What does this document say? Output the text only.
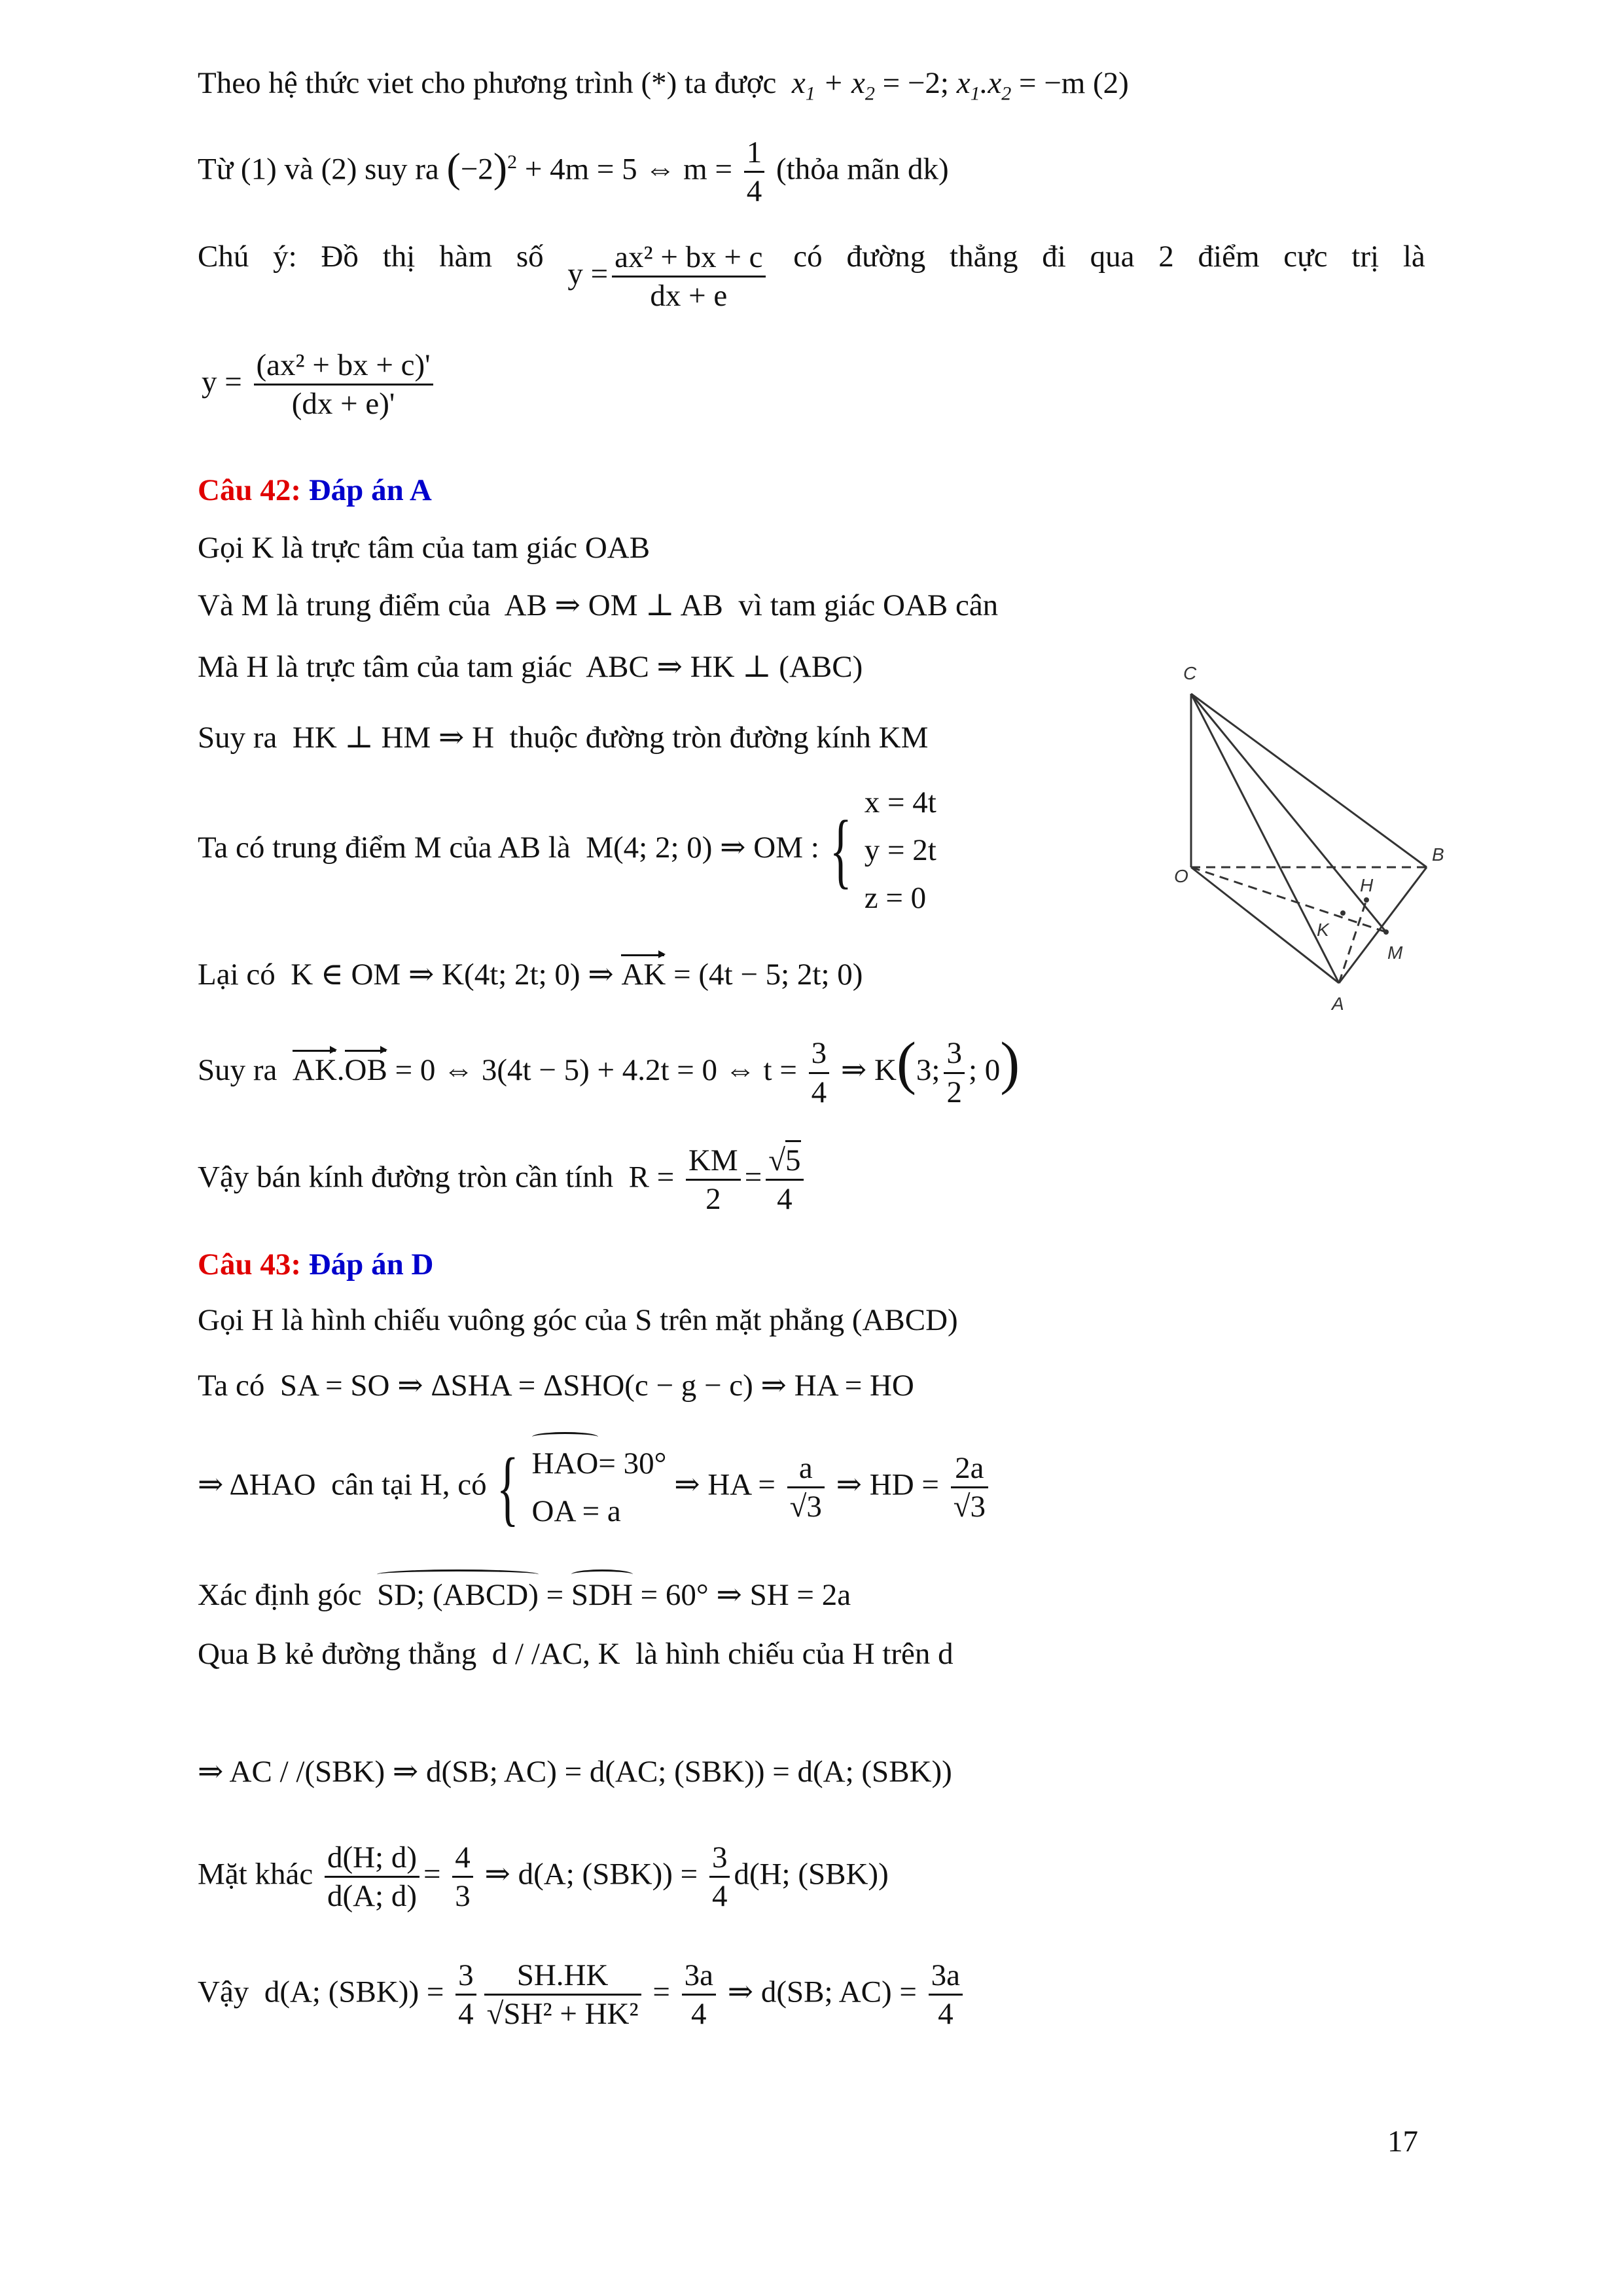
Theo hệ thức viet cho phương trình (*) ta được  $x_1 + x_2 = -2$; $x_1.x_2 = -m$ (2)
Từ (1) và (2) suy ra $(-2)^2 + 4m = 5$ ⇔ $m = \frac{1}{4}$ (thỏa mãn dk)
Chú ý: Đồ thị hàm số
$y = \frac{\text{ax² + bx + c}}{dx + e}$ có đường thẳng đi qua 2 điểm cực trị là
$y = \frac{\text{(ax² + bx + c)'}}{(dx + e)'}$
Câu 42: Đáp án A
Gọi K là trực tâm của tam giác OAB
Và M là trung điểm của AB ⇒ OM ⊥ AB vì tam giác OAB cân
Mà H là trực tâm của tam giác ABC ⇒ HK ⊥ (ABC)
Suy ra HK ⊥ HM ⇒ H thuộc đường tròn đường kính KM
Ta có trung điểm M của AB là M(4; 2; 0) ⇒ OM : {
x = 4t
y = 2t
z = 0
Lại có K ∈ OM ⇒ K(4t; 2t; 0) ⇒ AK = (4t − 5; 2t; 0)
Suy ra AK.OB = 0 ⇔ 3(4t − 5) + 4.2t = 0 ⇔ $t = \frac{3}{4}$ ⇒ K(3; $\frac{3}{2}$ ; 0)
Vậy bán kính đường tròn cần tính $R = \frac{KM}{2} = \frac{√5}{4}$
C
O
B
H
K
M
A
Câu 43: Đáp án D
Gọi H là hình chiếu vuông góc của S trên mặt phẳng (ABCD)
Ta có SA = SO ⇒ ΔSHA = ΔSHO(c − g − c) ⇒ HA = HO
⇒ ΔHAO cân tại H, có { HAO= 30°
OA = a
⇒ HA = $\frac{a}{√3}$ ⇒ HD = $\frac{2a}{√3}$
Xác định góc SD; (ABCD) = SDH = 60° ⇒ SH = 2a
Qua B kẻ đường thẳng d / /AC, K là hình chiếu của H trên d
⇒ AC / /(SBK) ⇒ d(SB; AC) = d(AC; (SBK)) = d(A; (SBK))
Mặt khác $\frac{d(H; d)}{d(A; d)} = \frac{4}{3}$ ⇒ d(A; $(SBK)) = \frac{3}{4} d(H$; (SBK))
Vậy d(A; $(SBK)) = \frac{3}{4} \frac{SH.HK}{\text{√SH² + HK²}} = \frac{3a}{4}$ ⇒ d(SB; $AC) = \frac{3a}{4}$
17
